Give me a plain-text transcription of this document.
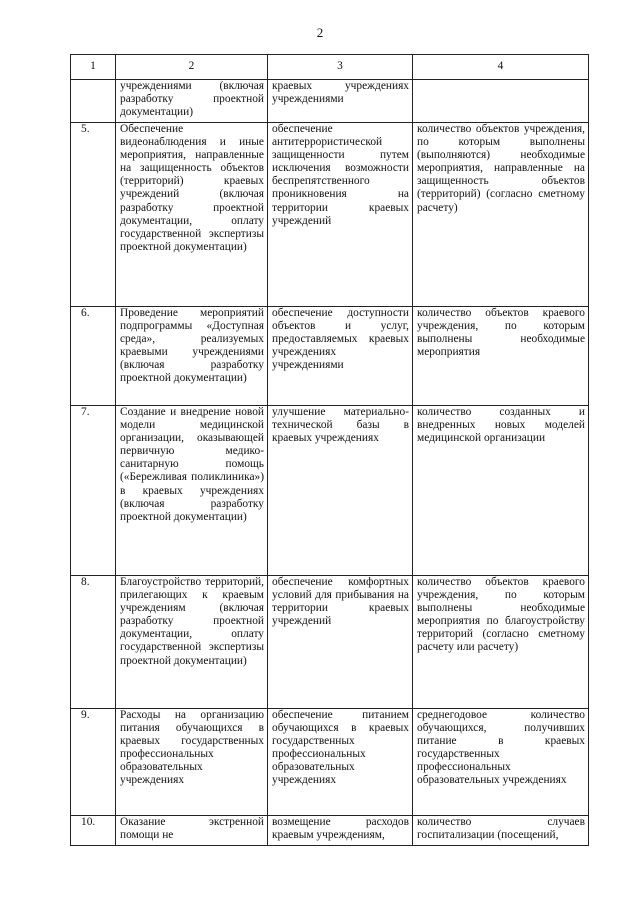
2
1	2	3	4
	учреждениями (включая разработку проектной документации)	краевых учреждениях учреждениями	
5.	Обеспечение видеонаблюдения и иные мероприятия, направленные на защищенность объектов (территорий) краевых учреждений (включая разработку проектной документации, оплату государственной экспертизы проектной документации)	обеспечение антитеррористической защищенности путем исключения возможности беспрепятственного проникновения на территории краевых учреждений	количество объектов учреждения, по которым выполнены (выполняются) необходимые мероприятия, направленные на защищенность объектов (территорий) (согласно сметному расчету)
6.	Проведение мероприятий подпрограммы «Доступная среда», реализуемых краевыми учреждениями (включая разработку проектной документации)	обеспечение доступности объектов и услуг, предоставляемых краевых учреждениях учреждениями	количество объектов краевого учреждения, по которым выполнены необходимые мероприятия
7.	Создание и внедрение новой модели медицинской организации, оказывающей первичную медико-санитарную помощь («Бережливая поликлиника») в краевых учреждениях (включая разработку проектной документации)	улучшение материально-технической базы в краевых учреждениях	количество созданных и внедренных новых моделей медицинской организации
8.	Благоустройство территорий, прилегающих к краевым учреждениям (включая разработку проектной документации, оплату государственной экспертизы проектной документации)	обеспечение комфортных условий для прибывания на территории краевых учреждений	количество объектов краевого учреждения, по которым выполнены необходимые мероприятия по благоустройству территорий (согласно сметному расчету или расчету)
9.	Расходы на организацию питания обучающихся в краевых государственных профессиональных образовательных учреждениях	обеспечение питанием обучающихся в краевых государственных профессиональных образовательных учреждениях	среднегодовое количество обучающихся, получивших питание в краевых государственных профессиональных образовательных учреждениях
10.	Оказание экстренной помощи не	возмещение расходов краевым учреждениям,	количество случаев госпитализации (посещений,
